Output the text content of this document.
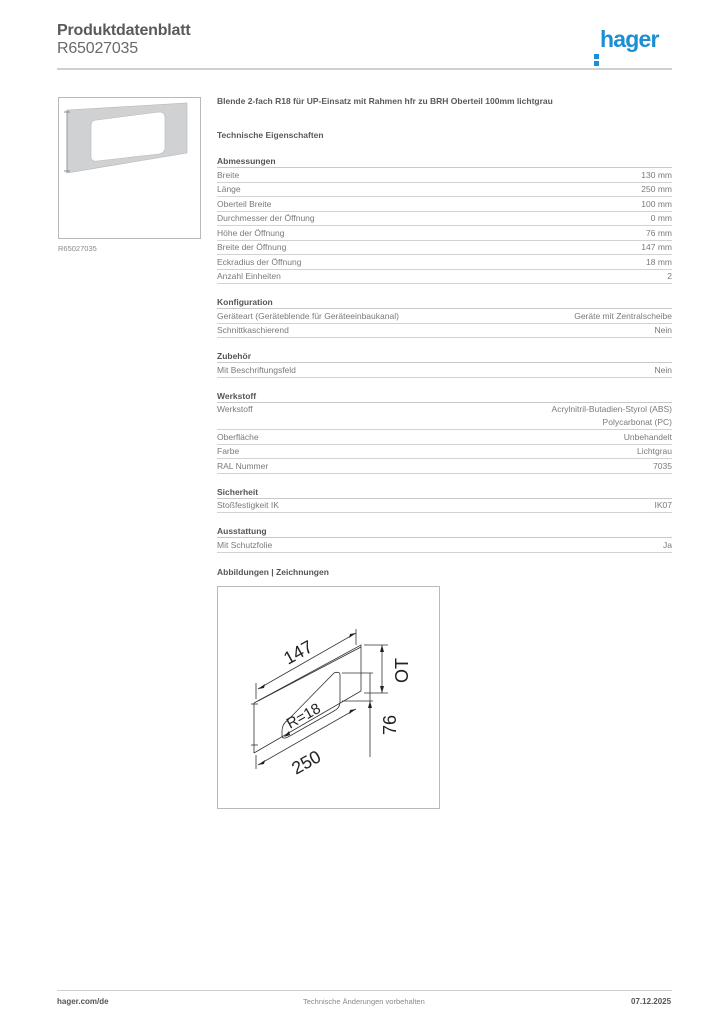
Produktdatenblatt
R65027035	hager
R65027035
Blende 2-fach R18 für UP-Einsatz mit Rahmen hfr zu BRH Oberteil 100mm lichtgrau
Technische Eigenschaften
Abmessungen
Breite	130 mm
Länge	250 mm
Oberteil Breite	100 mm
Durchmesser der Öffnung	0 mm
Höhe der Öffnung	76 mm
Breite der Öffnung	147 mm
Eckradius der Öffnung	18 mm
Anzahl Einheiten	2
Konfiguration
Geräteart (Geräteblende für Geräteeinbaukanal)	Geräte mit Zentralscheibe
Schnittkaschierend	Nein
Zubehör
Mit Beschriftungsfeld	Nein
Werkstoff
Werkstoff	Acrylnitril-Butadien-Styrol (ABS)
Polycarbonat (PC)
Oberfläche	Unbehandelt
Farbe	Lichtgrau
RAL Nummer	7035
Sicherheit
Stoßfestigkeit IK	IK07
Ausstattung
Mit Schutzfolie	Ja
Abbildungen | Zeichnungen
147
250
R=18
OT
76
hager.com/de	Technische Änderungen vorbehalten	07.12.2025
